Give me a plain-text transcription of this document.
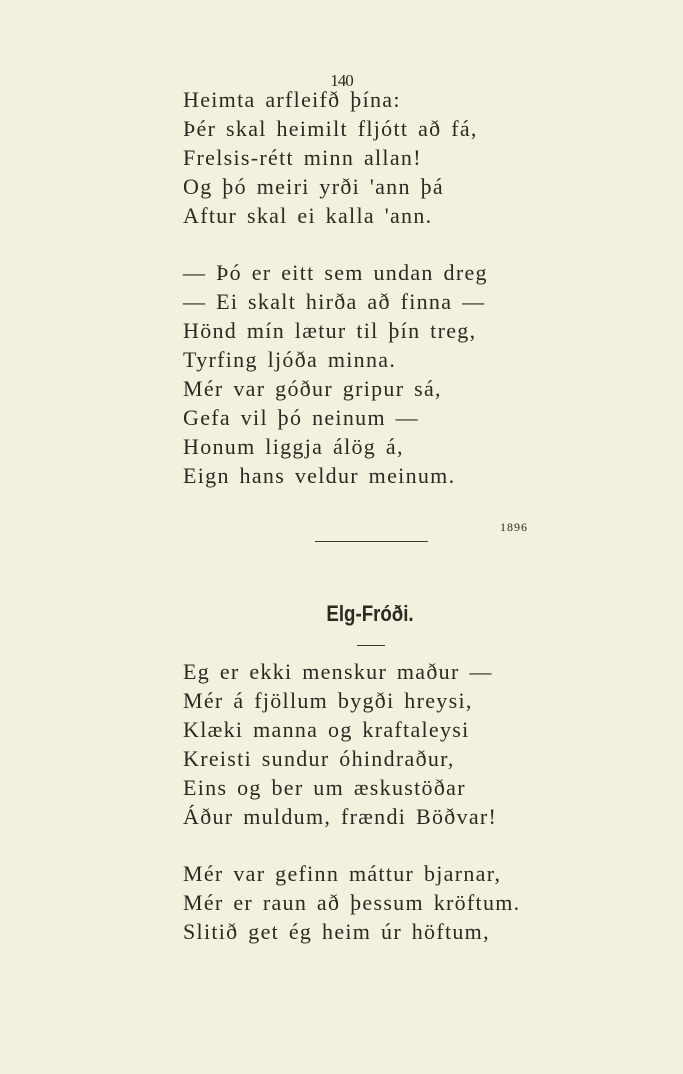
140
Heimta arfleifð þína:
Þér skal heimilt fljótt að fá,
Frelsis-rétt minn allan!
Og þó meiri yrði 'ann þá
Aftur skal ei kalla 'ann.
— Þó er eitt sem undan dreg
— Ei skalt hirða að finna —
Hönd mín lætur til þín treg,
Tyrfing ljóða minna.
Mér var góður gripur sá,
Gefa vil þó neinum —
Honum liggja álög á,
Eign hans veldur meinum.
1896
Elg-Fróði.
Eg er ekki menskur maður —
Mér á fjöllum bygði hreysi,
Klæki manna og kraftaleysi
Kreisti sundur óhindraður,
Eins og ber um æskustöðar
Áður muldum, frændi Böðvar!
Mér var gefinn máttur bjarnar,
Mér er raun að þessum kröftum.
Slitið get ég heim úr höftum,
